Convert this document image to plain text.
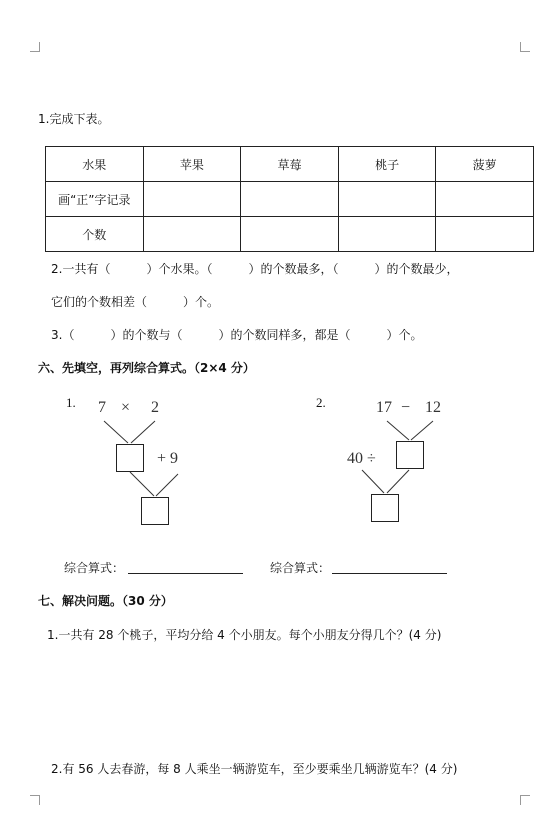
1.完成下表。
水果	苹果	草莓	桃子	菠萝
画“正”字记录				
个数				
2.一共有（　　　）个水果。（　　　）的个数最多，（　　　）的个数最少，
它们的个数相差（　　　）个。
3.（　　　）的个数与（　　　）的个数同样多，都是（　　　）个。
六、先填空，再列综合算式。（2×4 分）
1. 7 × 2
+ 9
2.	17 − 12
40 ÷
综合算式：	综合算式：
七、解决问题。（30 分）
1.一共有 28 个桃子，平均分给 4 个小朋友。每个小朋友分得几个？(4 分)
2.有 56 人去春游，每 8 人乘坐一辆游览车，至少要乘坐几辆游览车？(4 分)
